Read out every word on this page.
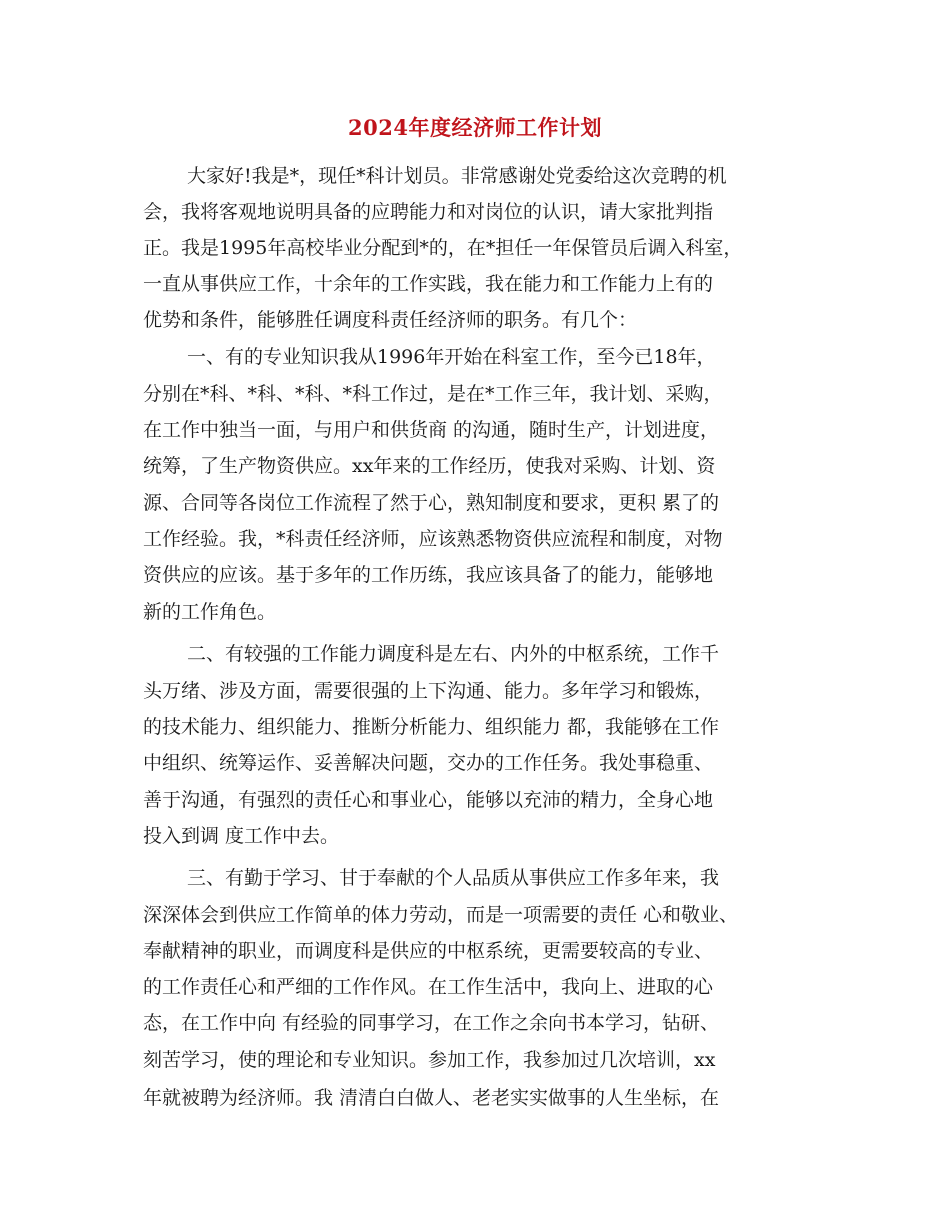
2024年度经济师工作计划
大家好!我是*，现任*科计划员。非常感谢处党委给这次竞聘的机
会，我将客观地说明具备的应聘能力和对岗位的认识，请大家批判指
正。我是1995年高校毕业分配到*的，在*担任一年保管员后调入科室，
一直从事供应工作，十余年的工作实践，我在能力和工作能力上有的
优势和条件，能够胜任调度科责任经济师的职务。有几个：
一、有的专业知识我从1996年开始在科室工作，至今已18年，
分别在*科、*科、*科、*科工作过，是在*工作三年，我计划、采购，
在工作中独当一面，与用户和供货商 的沟通，随时生产，计划进度，
统筹，了生产物资供应。xx年来的工作经历，使我对采购、计划、资
源、合同等各岗位工作流程了然于心，熟知制度和要求，更积 累了的
工作经验。我，*科责任经济师，应该熟悉物资供应流程和制度，对物
资供应的应该。基于多年的工作历练，我应该具备了的能力，能够地
新的工作角色。
二、有较强的工作能力调度科是左右、内外的中枢系统，工作千
头万绪、涉及方面，需要很强的上下沟通、能力。多年学习和锻炼，
的技术能力、组织能力、推断分析能力、组织能力 都，我能够在工作
中组织、统筹运作、妥善解决问题，交办的工作任务。我处事稳重、
善于沟通，有强烈的责任心和事业心，能够以充沛的精力，全身心地
投入到调 度工作中去。
三、有勤于学习、甘于奉献的个人品质从事供应工作多年来，我
深深体会到供应工作简单的体力劳动，而是一项需要的责任 心和敬业、
奉献精神的职业，而调度科是供应的中枢系统，更需要较高的专业、
的工作责任心和严细的工作作风。在工作生活中，我向上、进取的心
态，在工作中向 有经验的同事学习，在工作之余向书本学习，钻研、
刻苦学习，使的理论和专业知识。参加工作，我参加过几次培训，xx
年就被聘为经济师。我 清清白白做人、老老实实做事的人生坐标，在
